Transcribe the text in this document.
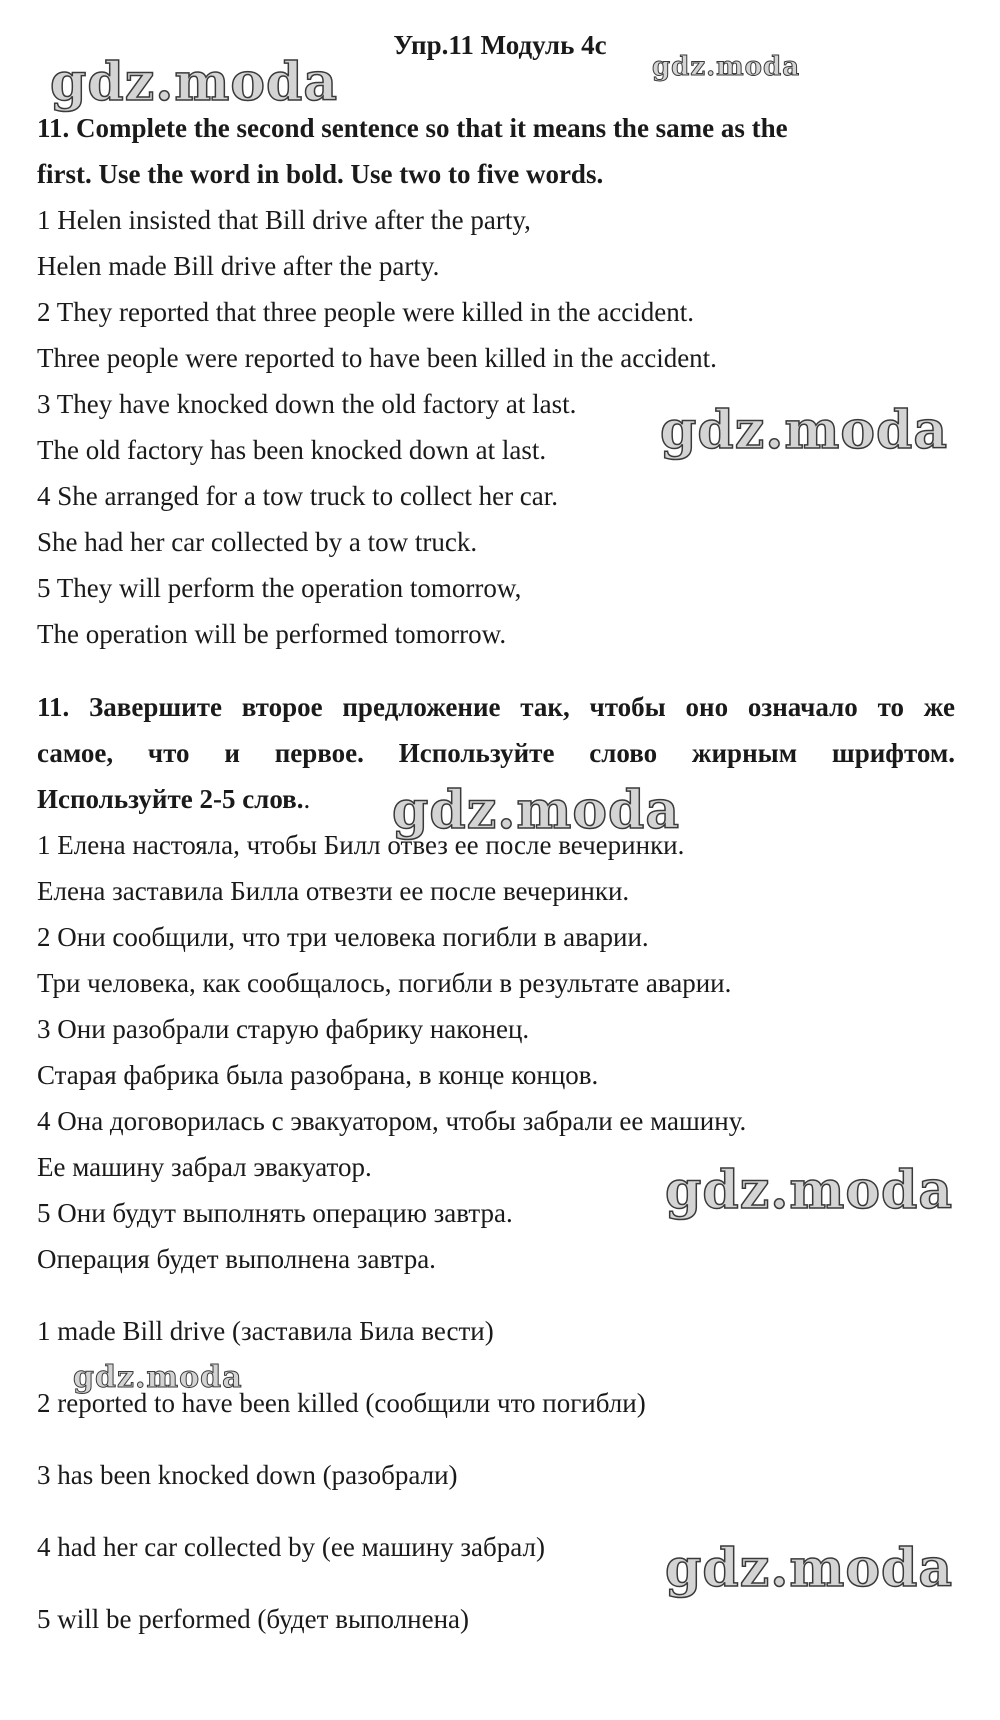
Упр.11 Модуль 4с
11. Complete the second sentence so that it means the same as the
first. Use the word in bold. Use two to five words.
1 Helen insisted that Bill drive after the party,
Helen made Bill drive after the party.
2 They reported that three people were killed in the accident.
Three people were reported to have been killed in the accident.
3 They have knocked down the old factory at last.
The old factory has been knocked down at last.
4 She arranged for a tow truck to collect her car.
She had her car collected by a tow truck.
5 They will perform the operation tomorrow,
The operation will be performed tomorrow.
11. Завершите второе предложение так, чтобы оно означало то же
самое, что и первое. Используйте слово жирным шрифтом.
Используйте 2-5 слов..
1 Елена настояла, чтобы Билл отвез ее после вечеринки.
Елена заставила Билла отвезти ее после вечеринки.
2 Они сообщили, что три человека погибли в аварии.
Три человека, как сообщалось, погибли в результате аварии.
3 Они разобрали старую фабрику наконец.
Старая фабрика была разобрана, в конце концов.
4 Она договорилась с эвакуатором, чтобы забрали ее машину.
Ее машину забрал эвакуатор.
5 Они будут выполнять операцию завтра.
Операция будет выполнена завтра.
1 made Bill drive (заставила Била вести)
2 reported to have been killed (сообщили что погибли)
3 has been knocked down (разобрали)
4 had her car collected by (ее машину забрал)
5 will be performed (будет выполнена)
gdz.moda	gdz.moda
gdz.moda
gdz.moda
gdz.moda
gdz.moda
gdz.moda
